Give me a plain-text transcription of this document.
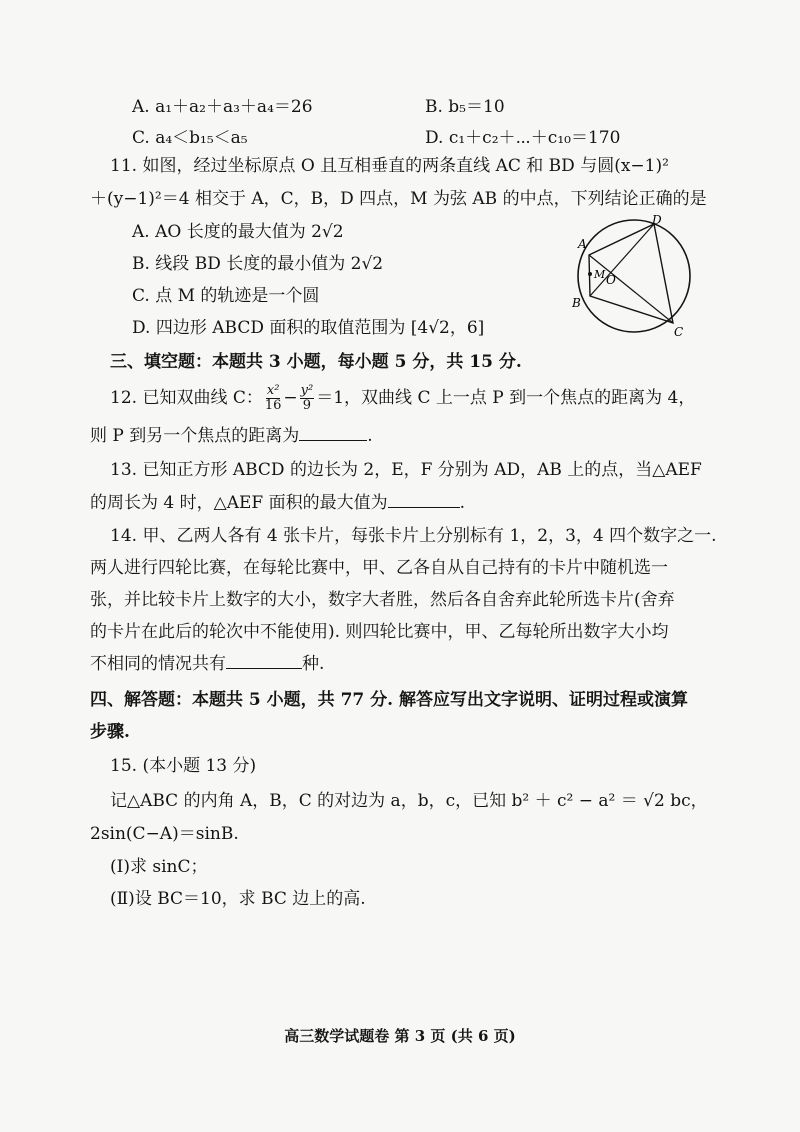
A. a₁＋a₂＋a₃＋a₄＝26	B. b₅＝10
C. a₄＜b₁₅＜a₅	D. c₁＋c₂＋⋯＋c₁₀＝170
11. 如图，经过坐标原点 O 且互相垂直的两条直线 AC 和 BD 与圆(x−1)²
＋(y−1)²＝4 相交于 A，C，B，D 四点，M 为弦 AB 的中点，下列结论正确的是
A. AO 长度的最大值为 2√2
B. 线段 BD 长度的最小值为 2√2
C. 点 M 的轨迹是一个圆
D. 四边形 ABCD 面积的取值范围为 [4√2，6]
A
B
C
D
M O
三、填空题：本题共 3 小题，每小题 5 分，共 15 分.
12. 已知双曲线 C： $\frac{\text{x²}}{16} - \frac{\text{y²}}{9} =1$，双曲线 C 上一点 P 到一个焦点的距离为 4，
则 P 到另一个焦点的距离为	.
13. 已知正方形 ABCD 的边长为 2，E，F 分别为 AD，AB 上的点，当△AEF
的周长为 4 时，△AEF 面积的最大值为	.
14. 甲、乙两人各有 4 张卡片，每张卡片上分别标有 1，2，3，4 四个数字之一.
两人进行四轮比赛，在每轮比赛中，甲、乙各自从自己持有的卡片中随机选一
张，并比较卡片上数字的大小，数字大者胜，然后各自舍弃此轮所选卡片(舍弃
的卡片在此后的轮次中不能使用). 则四轮比赛中，甲、乙每轮所出数字大小均
不相同的情况共有	种.
四、解答题：本题共 5 小题，共 77 分. 解答应写出文字说明、证明过程或演算
步骤.
15. (本小题 13 分)
记△ABC 的内角 A，B，C 的对边为 a，b，c，已知 b² ＋ c² − a² ＝ √2 bc，
2sin(C−A)＝sinB.
(Ⅰ)求 sinC；
(Ⅱ)设 BC＝10，求 BC 边上的高.
高三数学试题卷 第 3 页 (共 6 页)
